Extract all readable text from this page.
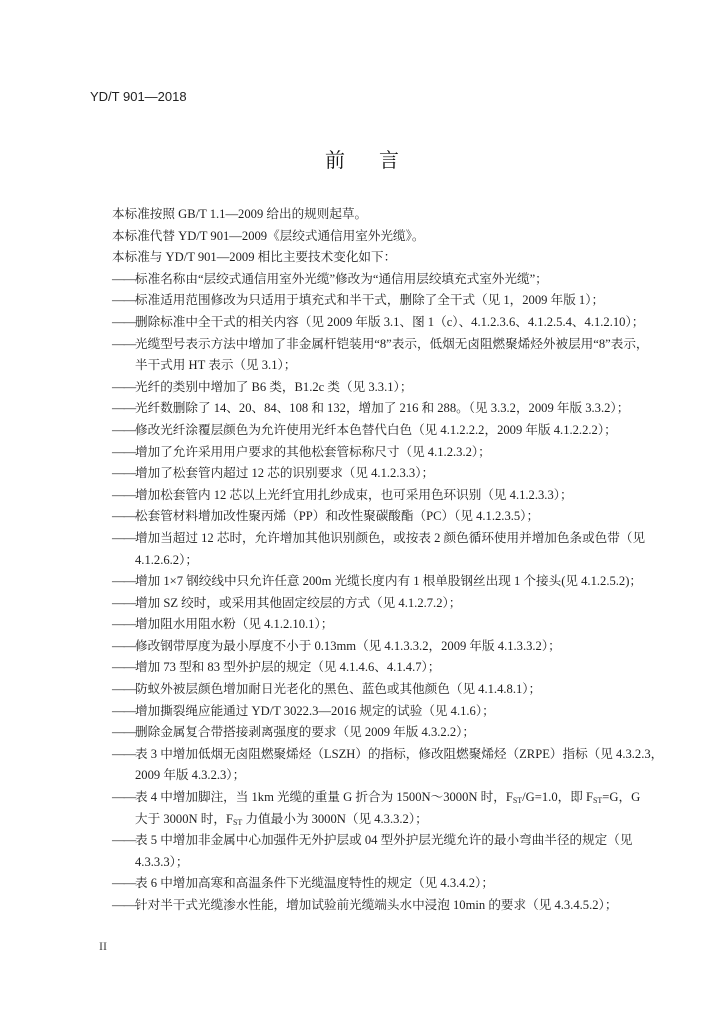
YD/T 901—2018
前 言
本标准按照 GB/T 1.1—2009 给出的规则起草。
本标准代替 YD/T 901—2009《层绞式通信用室外光缆》。
本标准与 YD/T 901—2009 相比主要技术变化如下：
—— 标准名称由“层绞式通信用室外光缆”修改为“通信用层绞填充式室外光缆”；
—— 标准适用范围修改为只适用于填充式和半干式，删除了全干式（见 1，2009 年版 1）；
—— 删除标准中全干式的相关内容（见 2009 年版 3.1、图 1（c）、4.1.2.3.6、4.1.2.5.4、4.1.2.10）；
—— 光缆型号表示方法中增加了非金属杆铠装用“8”表示，低烟无卤阻燃聚烯烃外被层用“8”表示，
半干式用 HT 表示（见 3.1）；
—— 光纤的类别中增加了 B6 类，B1.2c 类（见 3.3.1）；
—— 光纤数删除了 14、20、84、108 和 132，增加了 216 和 288。（见 3.3.2，2009 年版 3.3.2）；
—— 修改光纤涂覆层颜色为允许使用光纤本色替代白色（见 4.1.2.2.2，2009 年版 4.1.2.2.2）；
—— 增加了允许采用用户要求的其他松套管标称尺寸（见 4.1.2.3.2）；
—— 增加了松套管内超过 12 芯的识别要求（见 4.1.2.3.3）；
—— 增加松套管内 12 芯以上光纤宜用扎纱成束，也可采用色环识别（见 4.1.2.3.3）；
—— 松套管材料增加改性聚丙烯（PP）和改性聚碳酸酯（PC）（见 4.1.2.3.5）；
—— 增加当超过 12 芯时，允许增加其他识别颜色，或按表 2 颜色循环使用并增加色条或色带（见
4.1.2.6.2）；
—— 增加 1×7 钢绞线中只允许任意 200m 光缆长度内有 1 根单股钢丝出现 1 个接头(见 4.1.2.5.2)；
—— 增加 SZ 绞时，或采用其他固定绞层的方式（见 4.1.2.7.2）；
—— 增加阻水用阻水粉（见 4.1.2.10.1）；
—— 修改钢带厚度为最小厚度不小于 0.13mm（见 4.1.3.3.2，2009 年版 4.1.3.3.2）；
—— 增加 73 型和 83 型外护层的规定（见 4.1.4.6、4.1.4.7）；
—— 防蚁外被层颜色增加耐日光老化的黑色、蓝色或其他颜色（见 4.1.4.8.1）；
—— 增加撕裂绳应能通过 YD/T 3022.3—2016 规定的试验（见 4.1.6）；
—— 删除金属复合带搭接剥离强度的要求（见 2009 年版 4.3.2.2）；
—— 表 3 中增加低烟无卤阻燃聚烯烃（LSZH）的指标，修改阻燃聚烯烃（ZRPE）指标（见 4.3.2.3，
2009 年版 4.3.2.3）；
—— 表 4 中增加脚注，当 1km 光缆的重量 G 折合为 1500N～3000N 时，$F_{ST}/G=1.0$，即 $F_{ST}=G$，G
大于 3000N 时，$F_{ST}$ 力值最小为 3000N（见 4.3.3.2）；
—— 表 5 中增加非金属中心加强件无外护层或 04 型外护层光缆允许的最小弯曲半径的规定（见
4.3.3.3）；
—— 表 6 中增加高寒和高温条件下光缆温度特性的规定（见 4.3.4.2）；
—— 针对半干式光缆渗水性能，增加试验前光缆端头水中浸泡 10min 的要求（见 4.3.4.5.2）；
II
